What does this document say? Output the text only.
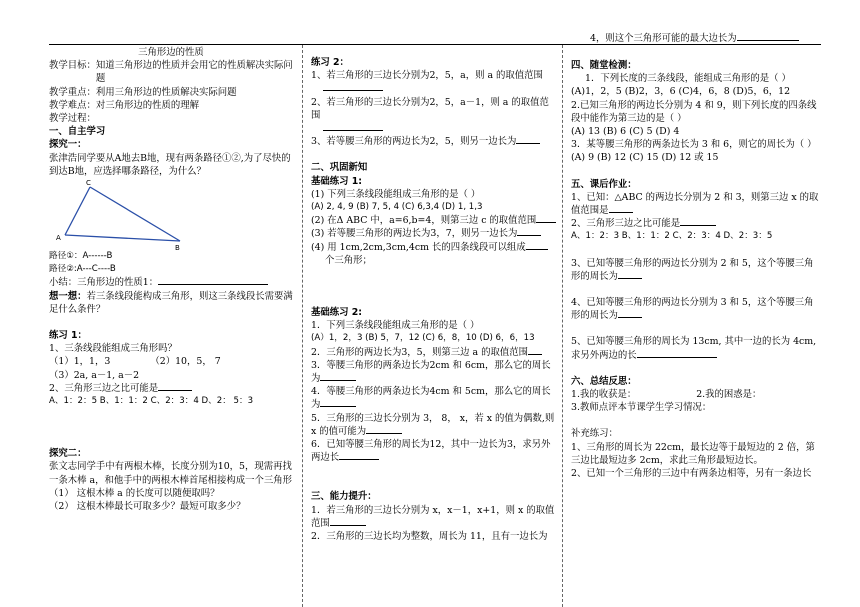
4，则这个三角形可能的最大边长为
三角形边的性质
教学目标： 知道三角形边的性质并会用它的性质解决实际问题
教学重点：利用三角形边的性质解决实际问题
教学难点：对三角形边的性质的理解
教学过程：
一、自主学习
探究一：
张津浩同学要从A地去B地，现有两条路径①②,为了尽快的到达B地，应选择哪条路径，为什么？
C
A
B
路径①：A------B
路径②:A---C----B
小结：三角形边的性质1：
想一想：若三条线段能构成三角形，则这三条线段长需要满足什么条件？
练习 1：
1、三条线段能组成三角形吗？
（1）1，1，3	（2）10，5， 7
（3）2a, a－1, a－2
2、三角形三边之比可能是
A、1：2：5 B、1：1：2 C、2：3：4 D、2： 5：3
探究二：
张文志同学手中有两根木棒，长度分别为10，5，现需再找一条木棒 a，和他手中的两根木棒首尾相接构成一个三角形
（1） 这根木棒 a 的长度可以随便取吗？
（2） 这根木棒最长可取多少？最短可取多少？
练习 2：
1、若三角形的三边长分别为2，5，a，则 a 的取值范围

2、若三角形的三边长分别为2，5，a－1，则 a 的取值范围

3、若等腰三角形的两边长为2，5，则另一边长为
二、巩固新知
基础练习 1:
(1) 下列三条线段能组成三角形的是（ ）
(A) 2, 4, 9 (B) 7, 5, 4 (C) 6,3,4 (D) 1, 1,3
(2) 在Δ ABC 中，a=6,b=4，则第三边 c 的取值范围
(3) 若等腰三角形的两边长为3，7，则另一边长为
(4) 用 1cm,2cm,3cm,4cm 长的四条线段可以组成
个三角形；
基础练习 2:
1．下列三条线段能组成三角形的是（ ）
(A）1，2，3 (B) 5，7，12 (C) 6，8，10 (D) 6，6，13
2．三角形的两边长为3，5，则第三边 a 的取值范围
3．等腰三角形的两条边长为2cm 和 6cm，那么它的周长为
4．等腰三角形的两条边长为4cm 和 5cm，那么它的周长为
5．三角形的三边长分别为 3， 8， x，若 x 的值为偶数,则 x 的值可能为
6．已知等腰三角形的周长为12，其中一边长为3，求另外两边长
三、能力提升：
1．若三角形的三边长分别为 x，x－1，x+1，则 x 的取值范围
2．三角形的三边长均为整数，周长为 11，且有一边长为
四、随堂检测：
1．下列长度的三条线段，能组成三角形的是（ ）
(A)1，2，5 (B)2，3，6 (C)4，6，8 (D)5，6，12
2.已知三角形的两边长分别为 4 和 9，则下列长度的四条线段中能作为第三边的是（ ）
(A) 13 (B) 6 (C) 5 (D) 4
3．某等腰三角形的两条边长为 3 和 6，则它的周长为（ ）
(A) 9 (B) 12 (C) 15 (D) 12 或 15
五、课后作业：
1、已知：△ABC 的两边长分别为 2 和 3，则第三边 x 的取值范围是
2、三角形三边之比可能是
A、1：2：3 B、1：1：2 C、2：3：4 D、2：3：5
3、已知等腰三角形的两边长分别为 2 和 5，这个等腰三角形的周长为
4、已知等腰三角形的两边长分别为 3 和 5，这个等腰三角形的周长为
5、已知等腰三角形的周长为 13cm, 其中一边的长为 4cm, 求另外两边的长
六、总结反思：
1.我的收获是：	2.我的困惑是：
3.教师点评本节课学生学习情况：
补充练习：
1、三角形的周长为 22cm，最长边等于最短边的 2 倍，第三边比最短边多 2cm，求此三角形最短边长。
2、已知一个三角形的三边中有两条边相等，另有一条边长
